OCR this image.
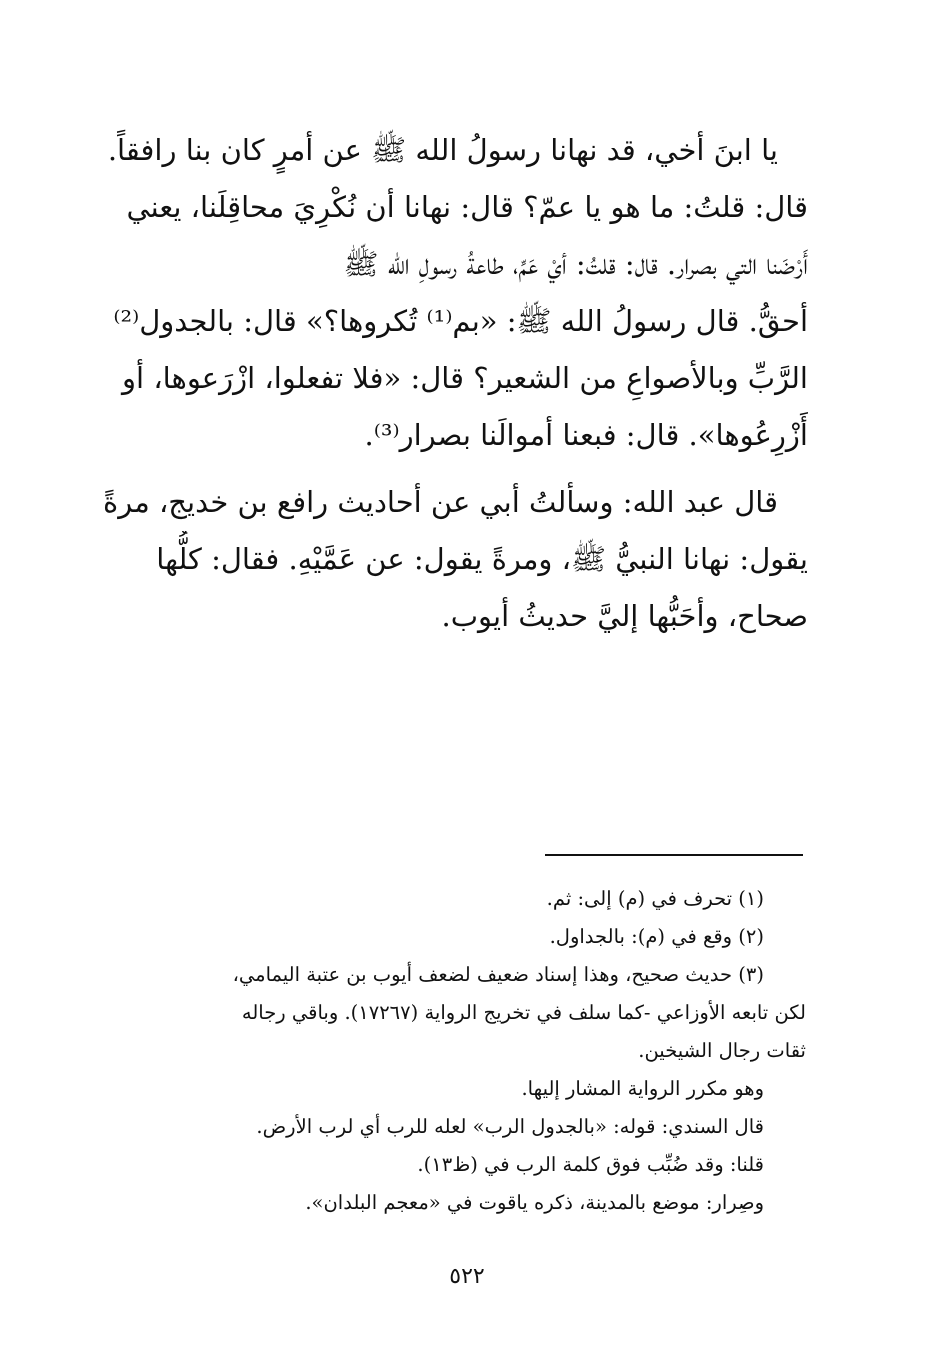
يا ابنَ أخي، قد نهانا رسولُ الله ﷺ عن أمرٍ كان بنا رافقاً.
قال: قلتُ: ما هو يا عمّ؟ قال: نهانا أن نُكْرِيَ محاقِلَنا، يعني
أَرْضَنا التي بصرار. قال: قلتُ: أيْ عَمِّ، طاعةُ رسولِ الله ﷺ
أحقُّ. قال رسولُ الله ﷺ: «بم⁽¹⁾ تُكروها؟» قال: بالجدول⁽²⁾
الرَّبِّ وبالأصواعِ من الشعير؟ قال: «فلا تفعلوا، ازْرَعوها، أو
أَزْرِعُوها». قال: فبعنا أموالَنا بصرار⁽³⁾.
قال عبد الله: وسألتُ أبي عن أحاديث رافع بن خديج، مرةً
يقول: نهانا النبيُّ ﷺ، ومرةً يقول: عن عَمَّيْهِ. فقال: كلُّها
صحاح، وأحَبُّها إليَّ حديثُ أيوب.
(١) تحرف في (م) إلى: ثم.
(٢) وقع في (م): بالجداول.
(٣) حديث صحيح، وهذا إسناد ضعيف لضعف أيوب بن عتبة اليمامي،
لكن تابعه الأوزاعي -كما سلف في تخريج الرواية (١٧٢٦٧). وباقي رجاله
ثقات رجال الشيخين.
وهو مكرر الرواية المشار إليها.
قال السندي: قوله: «بالجدول الرب» لعله للرب أي لرب الأرض.
قلنا: وقد ضُبِّب فوق كلمة الرب في (ظ١٣).
وصِرار: موضع بالمدينة، ذكره ياقوت في «معجم البلدان».
٥٢٢
